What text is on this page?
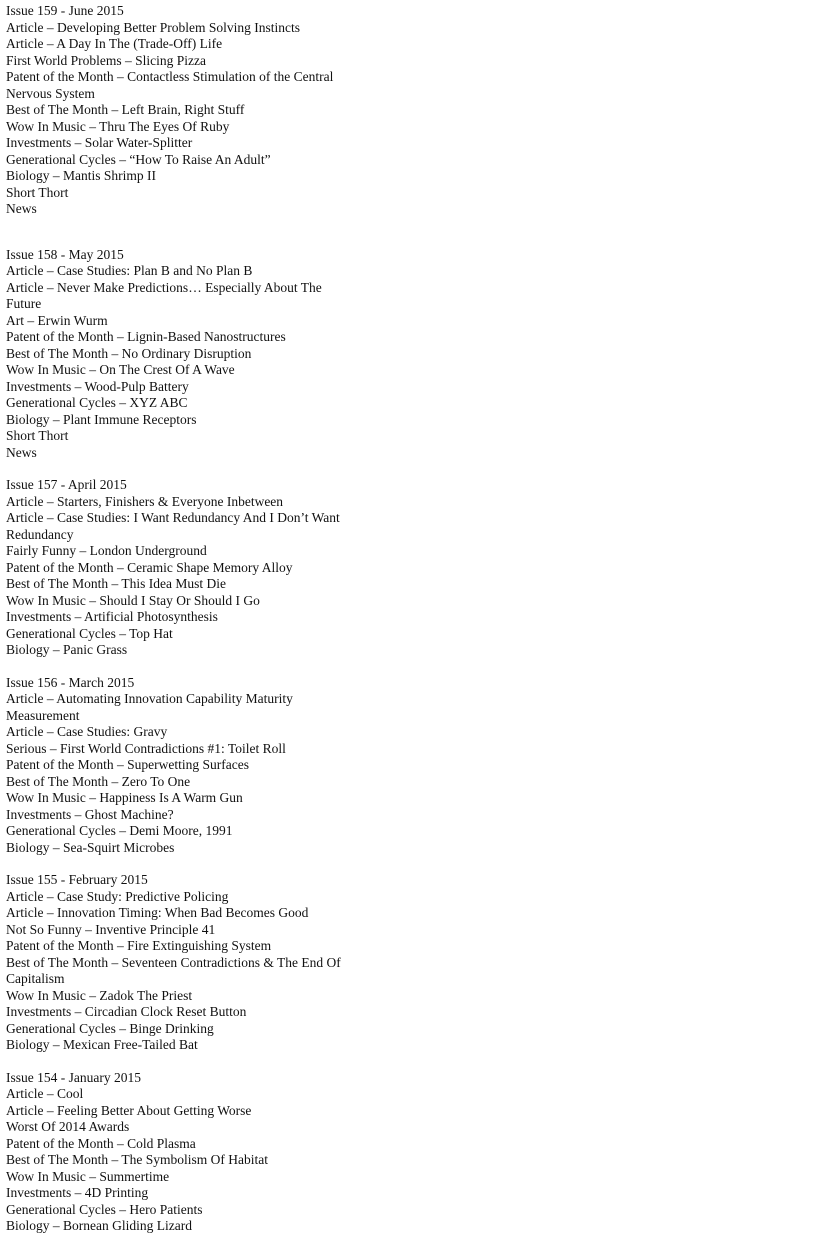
Issue 159 - June 2015
Article – Developing Better Problem Solving Instincts
Article – A Day In The (Trade-Off) Life
First World Problems – Slicing Pizza
Patent of the Month – Contactless Stimulation of the Central
Nervous System
Best of The Month – Left Brain, Right Stuff
Wow In Music – Thru The Eyes Of Ruby
Investments – Solar Water-Splitter
Generational Cycles – “How To Raise An Adult”
Biology – Mantis Shrimp II
Short Thort
News
Issue 158 - May 2015
Article – Case Studies: Plan B and No Plan B
Article – Never Make Predictions… Especially About The
Future
Art – Erwin Wurm
Patent of the Month – Lignin-Based Nanostructures
Best of The Month – No Ordinary Disruption
Wow In Music – On The Crest Of A Wave
Investments – Wood-Pulp Battery
Generational Cycles – XYZ ABC
Biology – Plant Immune Receptors
Short Thort
News
Issue 157 - April 2015
Article – Starters, Finishers & Everyone Inbetween
Article – Case Studies: I Want Redundancy And I Don’t Want
Redundancy
Fairly Funny – London Underground
Patent of the Month – Ceramic Shape Memory Alloy
Best of The Month – This Idea Must Die
Wow In Music – Should I Stay Or Should I Go
Investments – Artificial Photosynthesis
Generational Cycles – Top Hat
Biology – Panic Grass
Issue 156 - March 2015
Article – Automating Innovation Capability Maturity
Measurement
Article – Case Studies: Gravy
Serious – First World Contradictions #1: Toilet Roll
Patent of the Month – Superwetting Surfaces
Best of The Month – Zero To One
Wow In Music – Happiness Is A Warm Gun
Investments – Ghost Machine?
Generational Cycles – Demi Moore, 1991
Biology – Sea-Squirt Microbes
Issue 155 - February 2015
Article – Case Study: Predictive Policing
Article – Innovation Timing: When Bad Becomes Good
Not So Funny – Inventive Principle 41
Patent of the Month – Fire Extinguishing System
Best of The Month – Seventeen Contradictions & The End Of
Capitalism
Wow In Music – Zadok The Priest
Investments – Circadian Clock Reset Button
Generational Cycles – Binge Drinking
Biology – Mexican Free-Tailed Bat
Issue 154 - January 2015
Article – Cool
Article – Feeling Better About Getting Worse
Worst Of 2014 Awards
Patent of the Month – Cold Plasma
Best of The Month – The Symbolism Of Habitat
Wow In Music – Summertime
Investments – 4D Printing
Generational Cycles – Hero Patients
Biology – Bornean Gliding Lizard
